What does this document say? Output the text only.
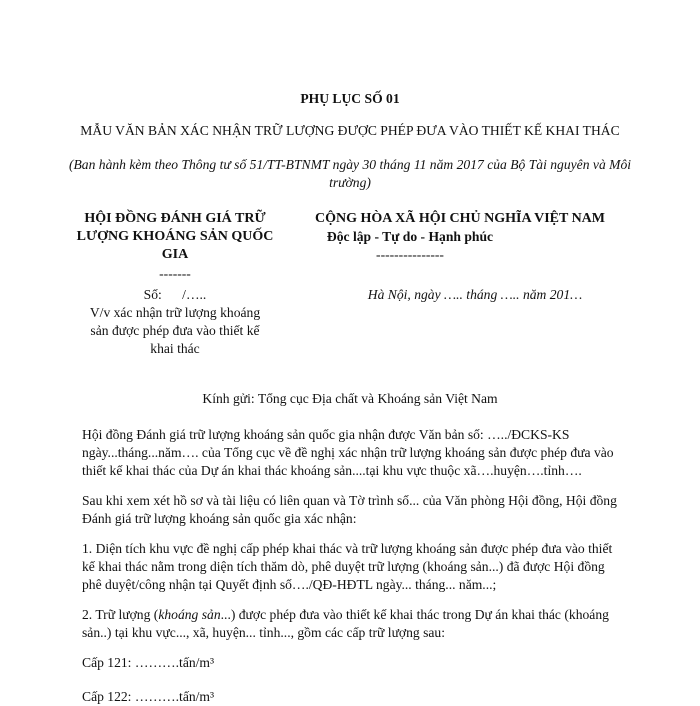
PHỤ LỤC SỐ 01
MẪU VĂN BẢN XÁC NHẬN TRỮ LƯỢNG ĐƯỢC PHÉP ĐƯA VÀO THIẾT KẾ KHAI THÁC
(Ban hành kèm theo Thông tư số 51/TT-BTNMT ngày 30 tháng 11 năm 2017 của Bộ Tài nguyên và Môi trường)
HỘI ĐỒNG ĐÁNH GIÁ TRỮ LƯỢNG KHOÁNG SẢN QUỐC GIA
-------
Số:      /…..
V/v xác nhận trữ lượng khoáng sản được phép đưa vào thiết kế khai thác
CỘNG HÒA XÃ HỘI CHỦ NGHĨA VIỆT NAM
Độc lập - Tự do - Hạnh phúc
---------------
Hà Nội, ngày ….. tháng ….. năm 201…
Kính gửi: Tổng cục Địa chất và Khoáng sản Việt Nam

Hội đồng Đánh giá trữ lượng khoáng sản quốc gia nhận được Văn bản số: …../ĐCKS-KS ngày...tháng...năm…. của Tổng cục về đề nghị xác nhận trữ lượng khoáng sản được phép đưa vào thiết kế khai thác của Dự án khai thác khoáng sản....tại khu vực thuộc xã….huyện….tỉnh….

Sau khi xem xét hồ sơ và tài liệu có liên quan và Tờ trình số... của Văn phòng Hội đồng, Hội đồng Đánh giá trữ lượng khoáng sản quốc gia xác nhận:

1. Diện tích khu vực đề nghị cấp phép khai thác và trữ lượng khoáng sản được phép đưa vào thiết kế khai thác nằm trong diện tích thăm dò, phê duyệt trữ lượng (khoáng sản...) đã được Hội đồng phê duyệt/công nhận tại Quyết định số…./QĐ-HĐTL ngày... tháng... năm...;

2. Trữ lượng (khoáng sản...) được phép đưa vào thiết kế khai thác trong Dự án khai thác (khoáng sản..) tại khu vực..., xã, huyện... tỉnh..., gồm các cấp trữ lượng sau:

Cấp 121: ……….tấn/m³
Cấp 122: ……….tấn/m³
